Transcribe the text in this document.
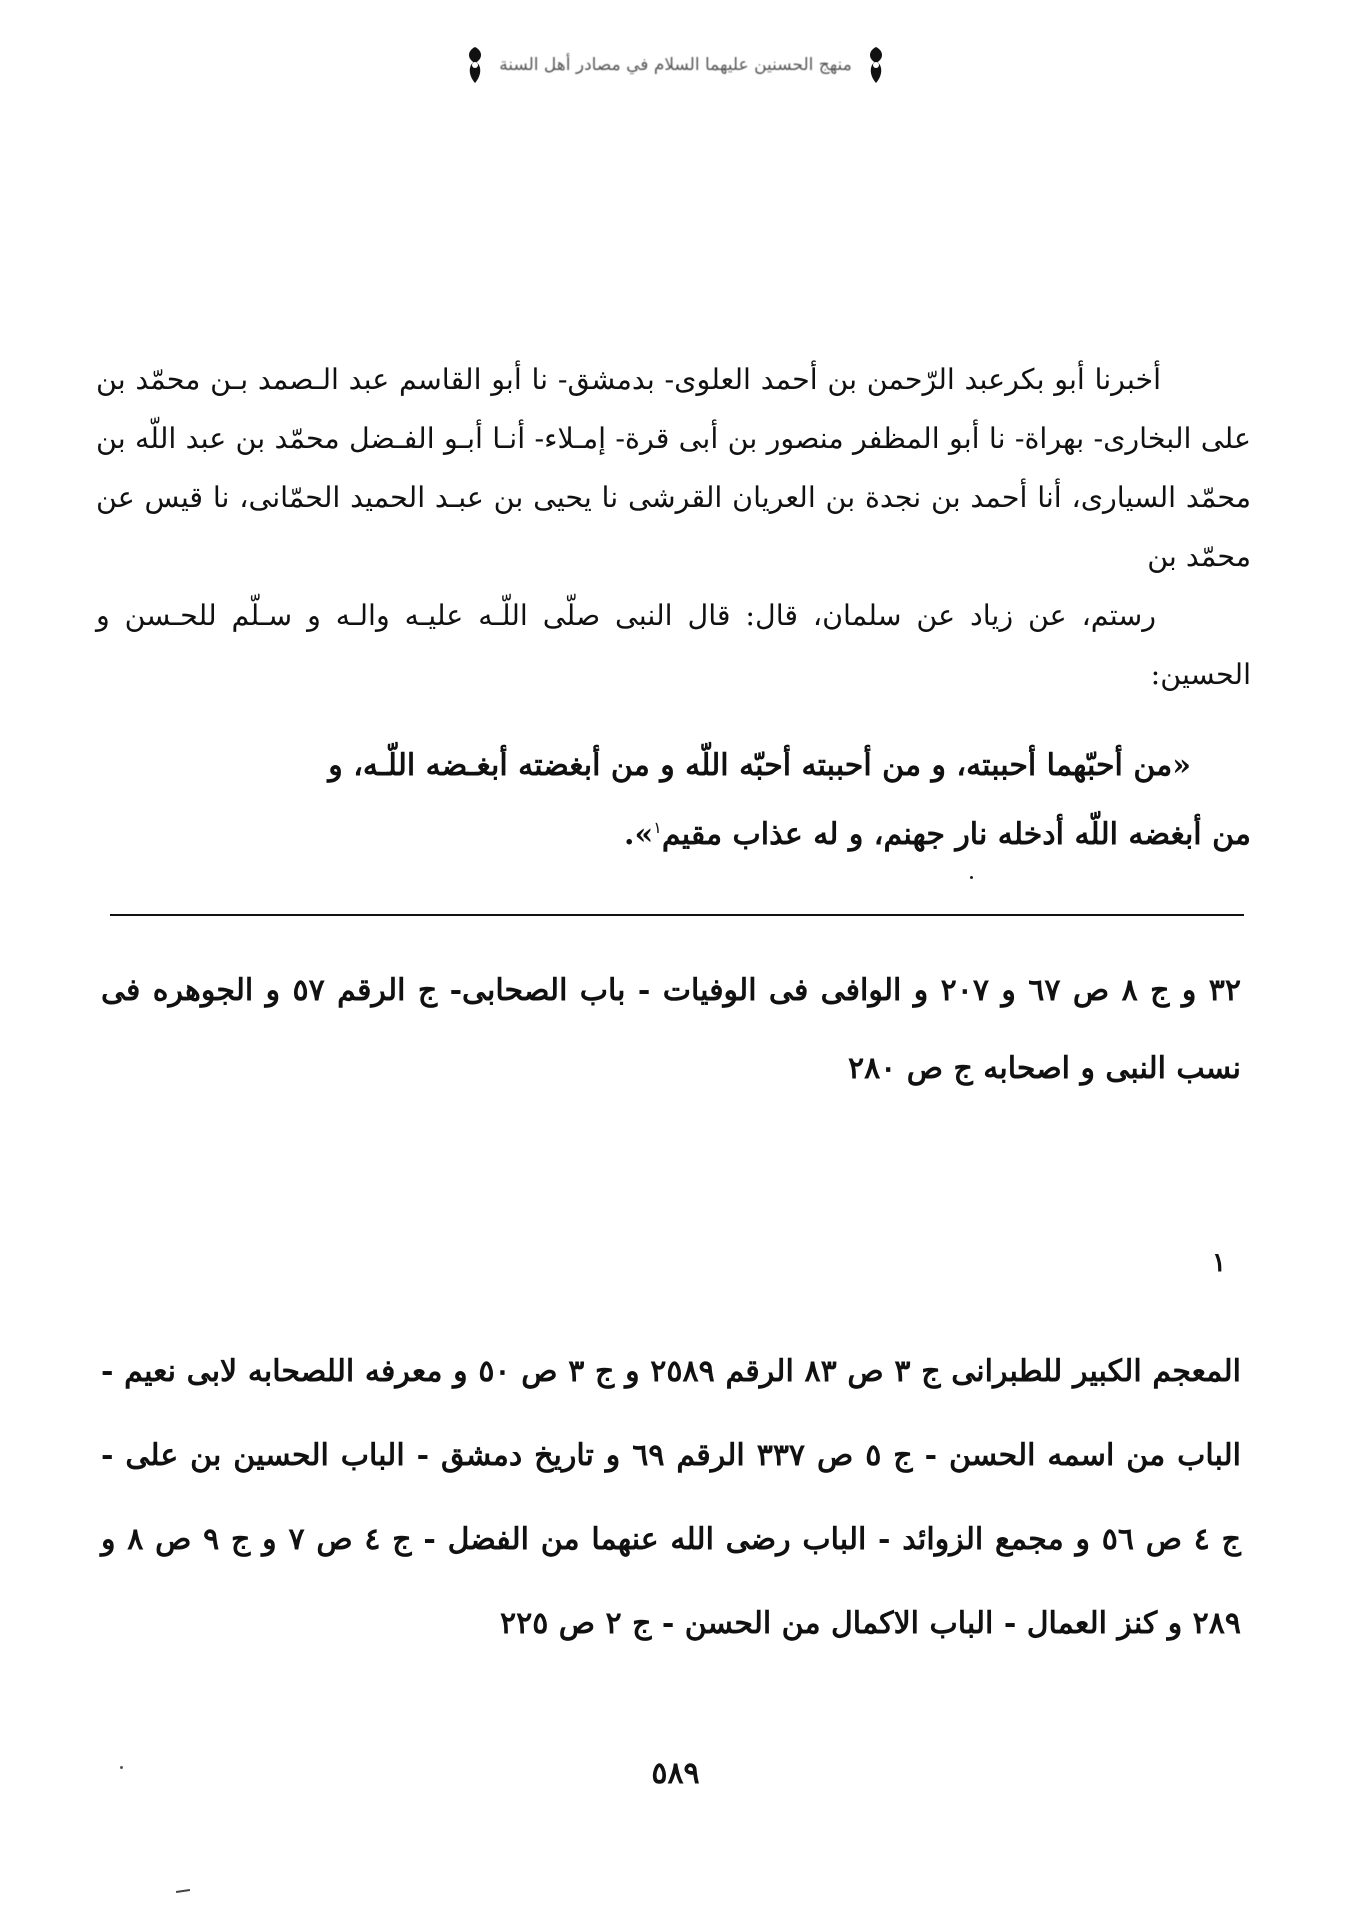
منهج الحسنين عليهما السلام في مصادر أهل السنة

أخبرنا أبو بكرعبد الرّحمن بن أحمد العلوى- بدمشق- نا أبو القاسم عبد الـصمد بـن محمّد بن على البخارى- بهراة- نا أبو المظفر منصور بن أبى قرة- إمـلاء- أنـا أبـو الفـضل محمّد بن عبد اللّه بن محمّد السيارى، أنا أحمد بن نجدة بن العريان القرشى نا يحيى بن عبـد الحميد الحمّانى، نا قيس عن محمّد بن

رستم، عن زياد عن سلمان، قال: قال النبى صلّى اللّـه عليـه والـه و سـلّم للحـسن و الحسين:

«من أحبّهما أحببته، و من أحببته أحبّه اللّه و من أبغضته أبغـضه اللّـه، و
من أبغضه اللّه أدخله نار جهنم، و له عذاب مقيم$^١$».
٣٢ و ج ٨ ص ٦٧ و ٢٠٧ و الوافى فى الوفيات - باب الصحابى- ج الرقم ٥٧ و الجوهره فى نسب النبى و اصحابه ج ص ٢٨٠
١
المعجم الكبير للطبرانى ج ٣ ص ٨٣ الرقم ٢٥٨٩ و ج ٣ ص ٥٠ و معرفه اللصحابه لابى نعيم - الباب من اسمه الحسن - ج ٥ ص ٣٣٧ الرقم ٦٩ و تاريخ دمشق - الباب الحسين بن على - ج ٤ ص ٥٦ و مجمع الزوائد - الباب رضى الله عنهما من الفضل - ج ٤ ص ٧ و ج ٩ ص ٨ و ٢٨٩ و كنز العمال - الباب الاكمال من الحسن - ج ٢ ص ٢٢٥
٥٨٩
